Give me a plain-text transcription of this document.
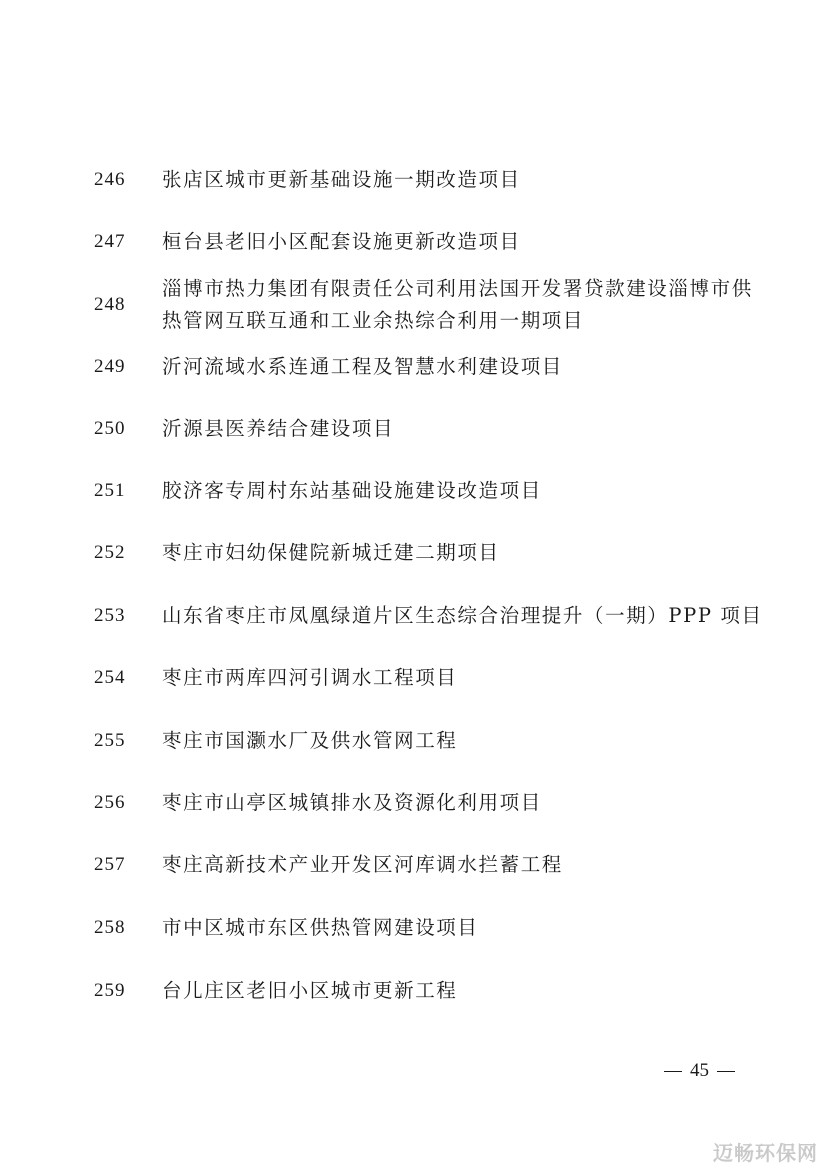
246 张店区城市更新基础设施一期改造项目
247 桓台县老旧小区配套设施更新改造项目
248
淄博市热力集团有限责任公司利用法国开发署贷款建设淄博市供热管网互联互通和工业余热综合利用一期项目
249 沂河流域水系连通工程及智慧水利建设项目
250 沂源县医养结合建设项目
251 胶济客专周村东站基础设施建设改造项目
252 枣庄市妇幼保健院新城迁建二期项目
253 山东省枣庄市凤凰绿道片区生态综合治理提升（一期）PPP 项目
254 枣庄市两库四河引调水工程项目
255 枣庄市国灏水厂及供水管网工程
256 枣庄市山亭区城镇排水及资源化利用项目
257 枣庄高新技术产业开发区河库调水拦蓄工程
258 市中区城市东区供热管网建设项目
259 台儿庄区老旧小区城市更新工程
45
迈畅环保网
